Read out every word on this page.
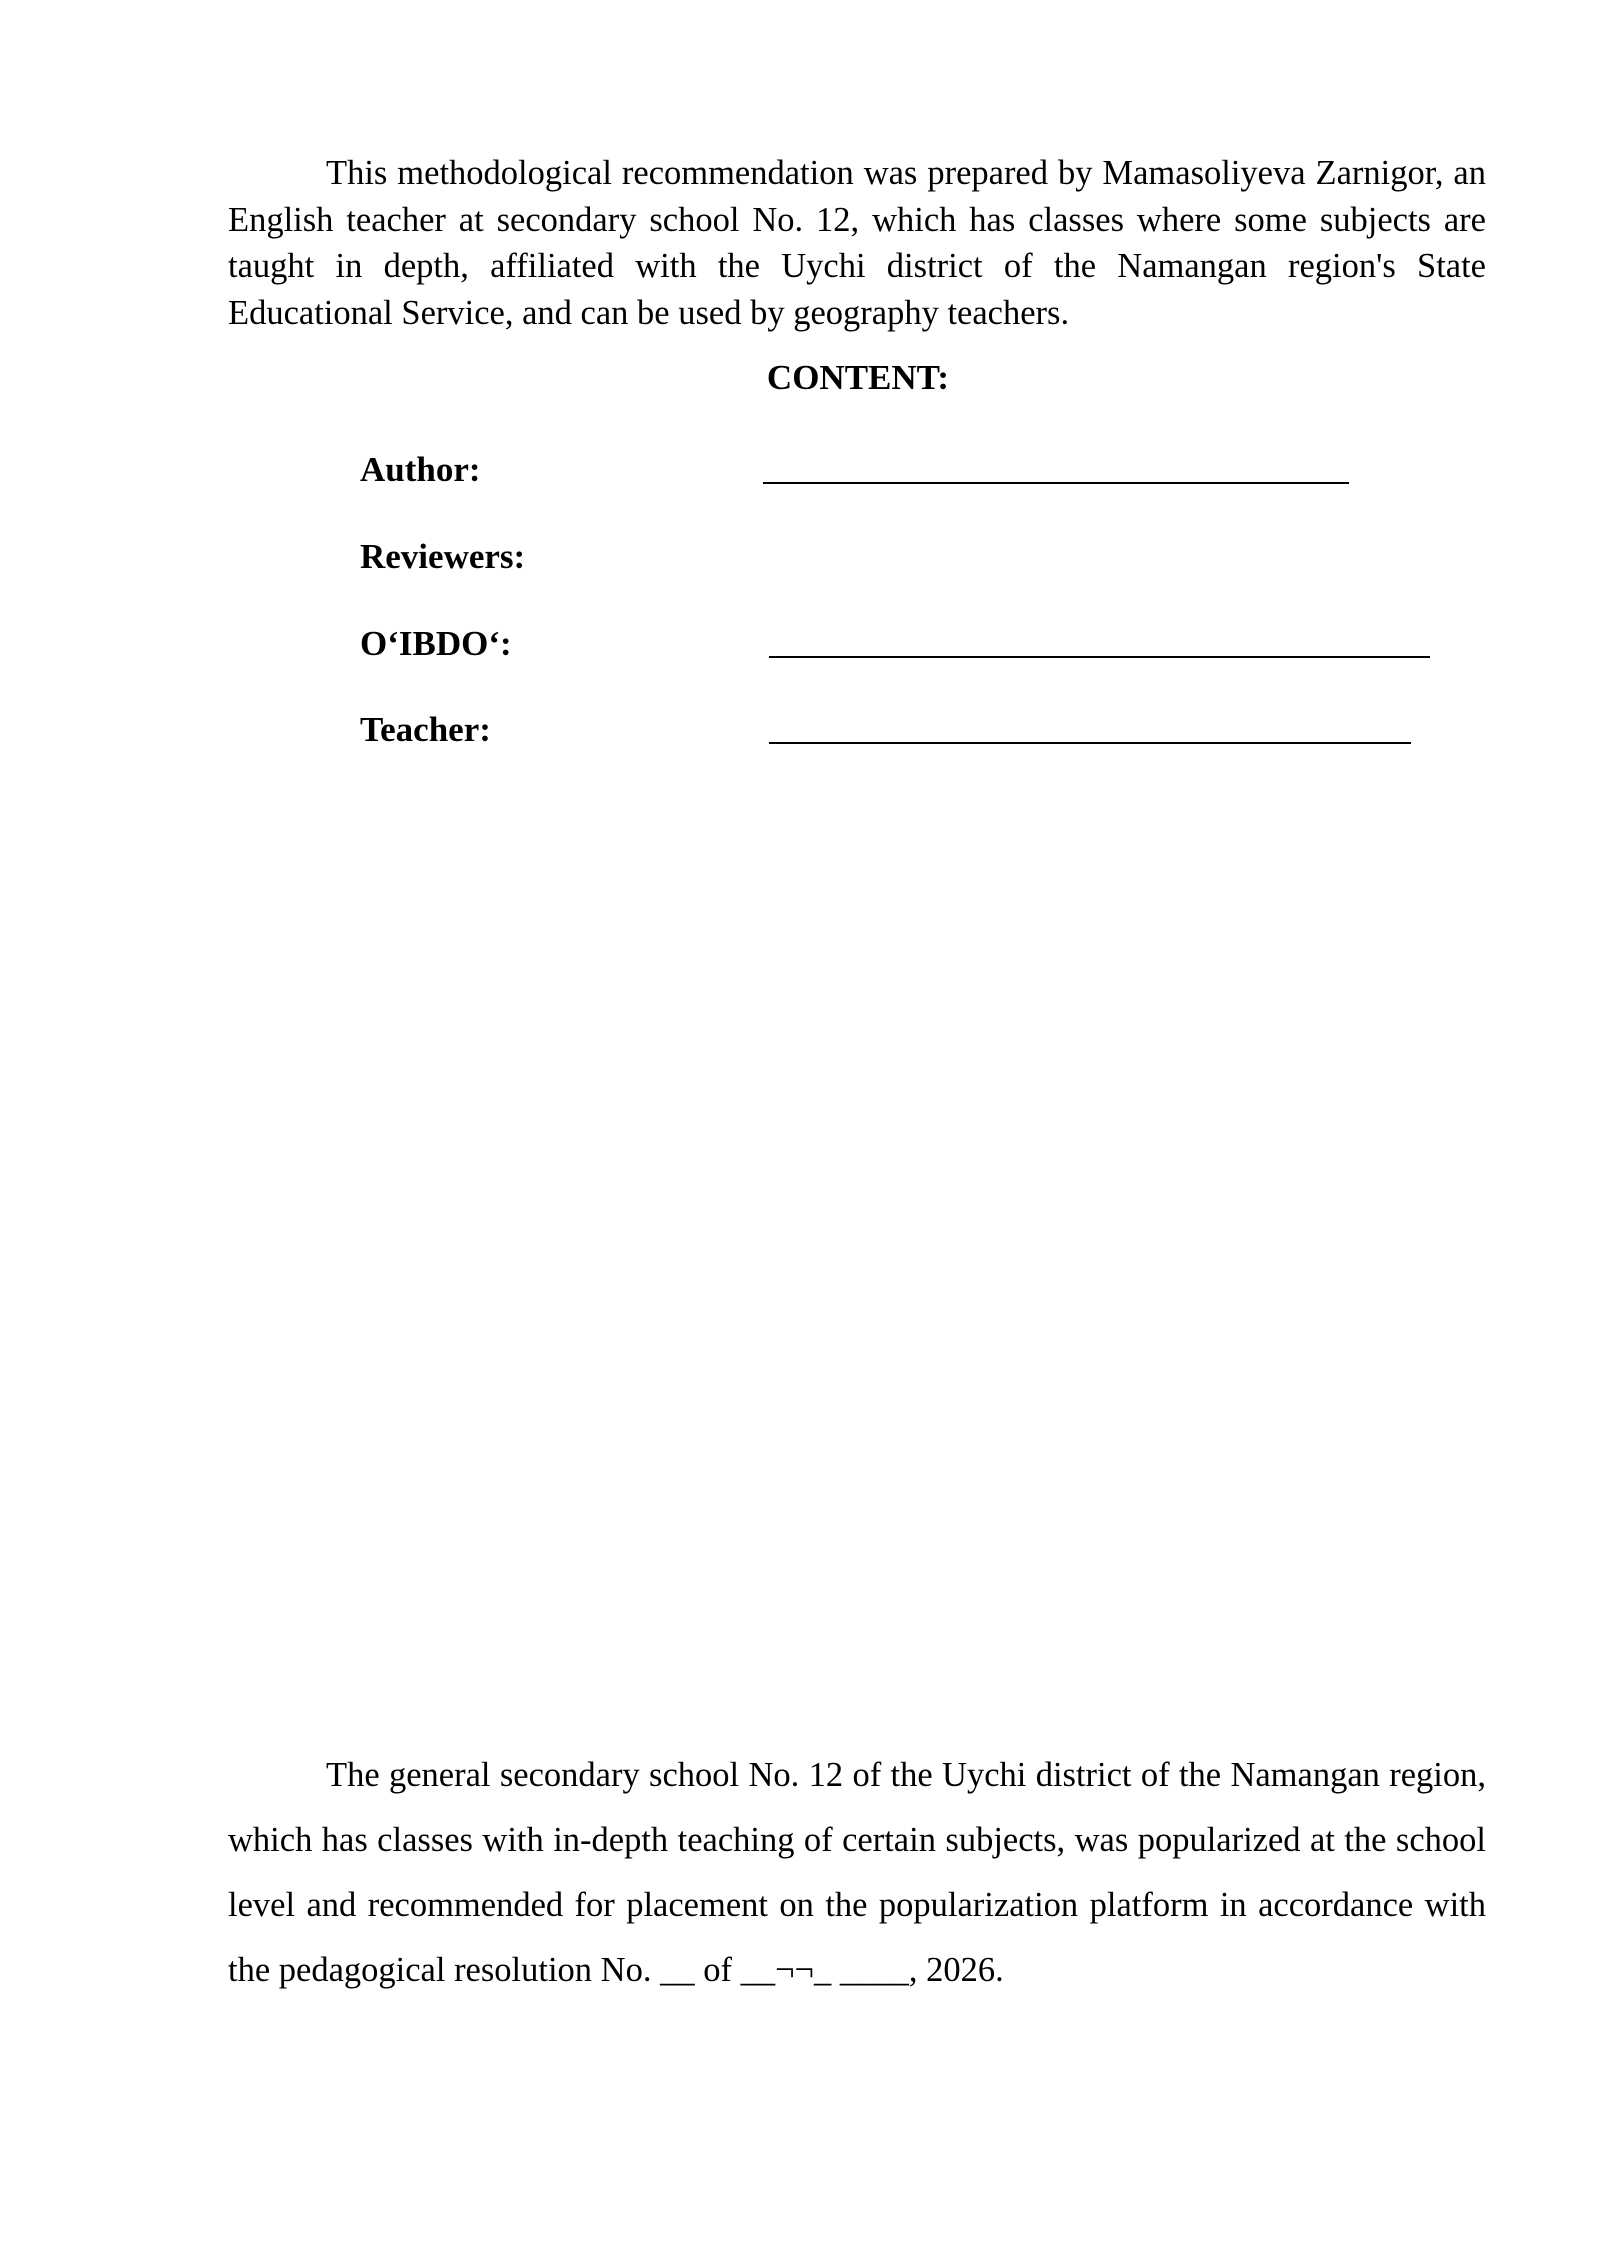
This methodological recommendation was prepared by Mamasoliyeva Zarnigor, an English teacher at secondary school No. 12, which has classes where some subjects are taught in depth, affiliated with the Uychi district of the Namangan region's State Educational Service, and can be used by geography teachers.

CONTENT:
Author:
Reviewers:
O‘IBDO‘:
Teacher:

The general secondary school No. 12 of the Uychi district of the Namangan region, which has classes with in-depth teaching of certain subjects, was popularized at the school level and recommended for placement on the popularization platform in accordance with the pedagogical resolution No. __ of __¬¬_ ____, 2026.
